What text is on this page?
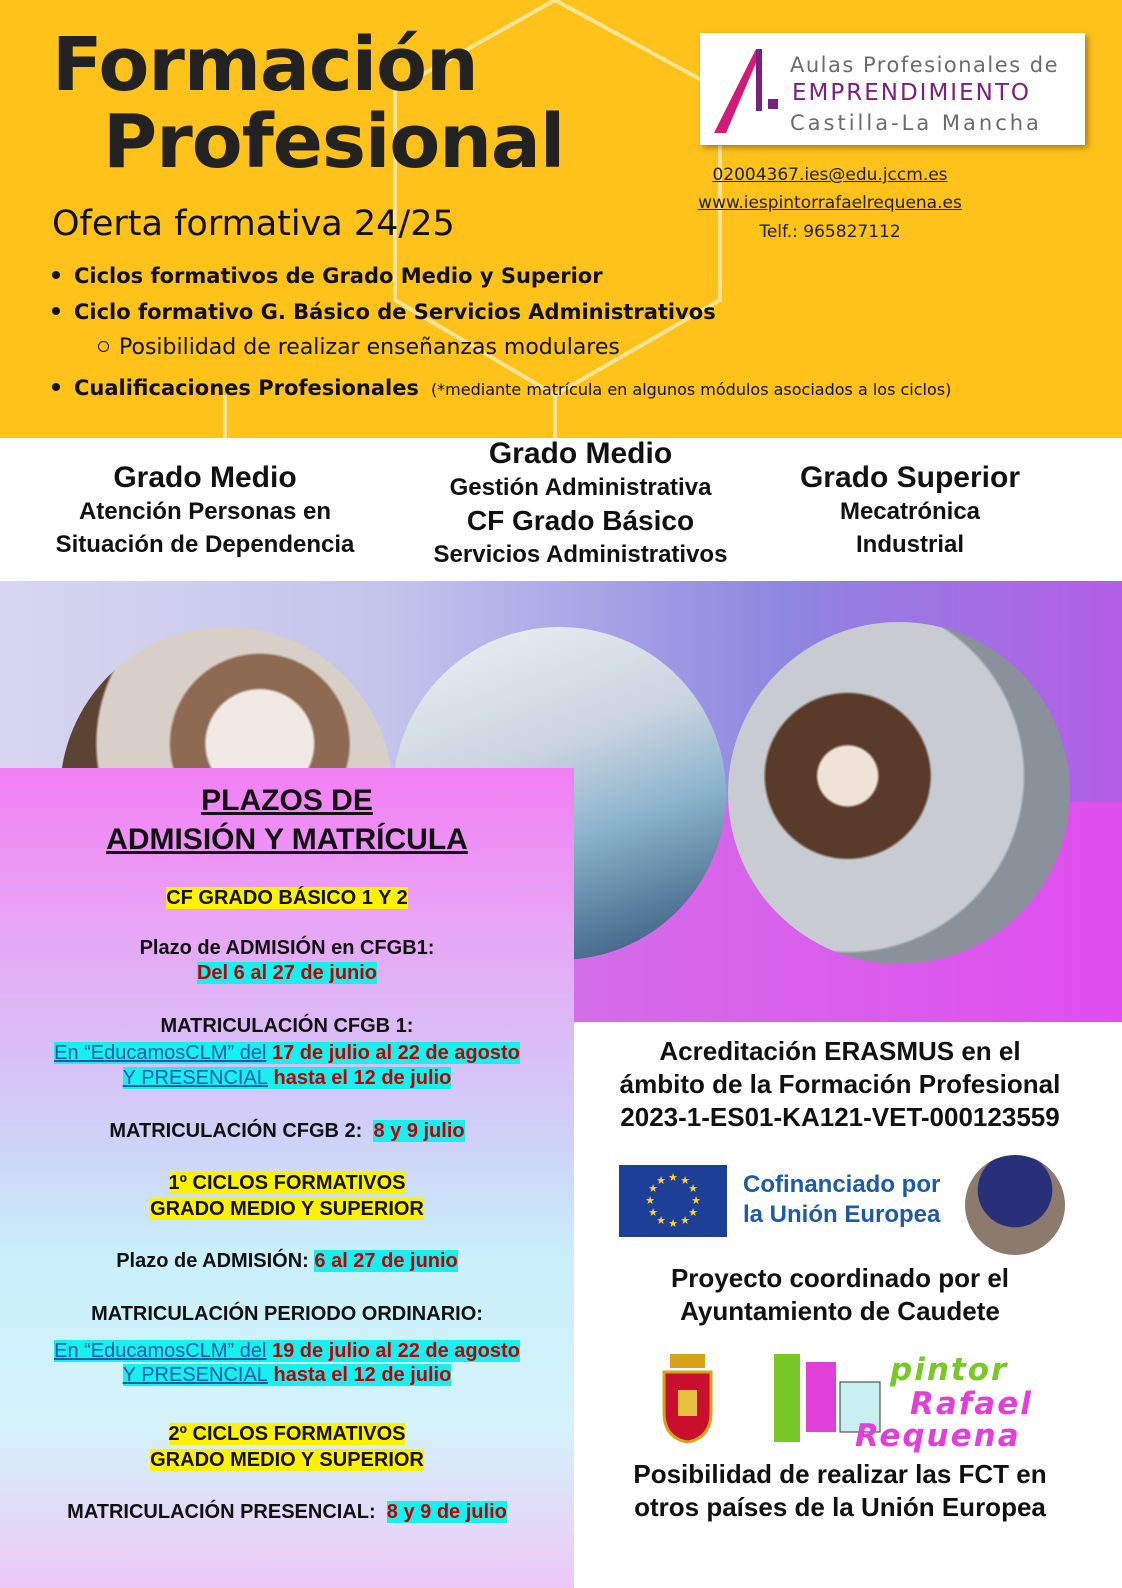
Formación
Profesional
Oferta formativa 24/25
Ciclos formativos de Grado Medio y Superior
Ciclo formativo G. Básico de Servicios Administrativos
Posibilidad de realizar enseñanzas modulares
Cualificaciones Profesionales (*mediante matrícula en algunos módulos asociados a los ciclos)
Aulas Profesionales de
EMPRENDIMIENTO
Castilla-La Mancha
02004367.ies@edu.jccm.es
www.iespintorrafaelrequena.es
Telf.: 965827112
Grado Medio
Atención Personas en
Situación de Dependencia
Grado Medio
Gestión Administrativa
CF Grado Básico
Servicios Administrativos
Grado Superior
Mecatrónica
Industrial
PLAZOS DE
ADMISIÓN Y MATRÍCULA
CF GRADO BÁSICO 1 Y 2
Plazo de ADMISIÓN en CFGB1:
Del 6 al 27 de junio
MATRICULACIÓN CFGB 1:
En “EducamosCLM” del 17 de julio al 22 de agosto
Y PRESENCIAL hasta el 12 de julio
MATRICULACIÓN CFGB 2: 8 y 9 julio
1º CICLOS FORMATIVOS
GRADO MEDIO Y SUPERIOR
Plazo de ADMISIÓN: 6 al 27 de junio
MATRICULACIÓN PERIODO ORDINARIO:
En “EducamosCLM” del 19 de julio al 22 de agosto
Y PRESENCIAL hasta el 12 de julio
2º CICLOS FORMATIVOS
GRADO MEDIO Y SUPERIOR
MATRICULACIÓN PRESENCIAL: 8 y 9 de julio
Acreditación ERASMUS en el
ámbito de la Formación Profesional
2023-1-ES01-KA121-VET-000123559
★ ★
★
★
★
★
★
★
★
★
★
★	Cofinanciado por
la Unión Europea
Proyecto coordinado por el
Ayuntamiento de Caudete
pintor
Rafael
Requena
Posibilidad de realizar las FCT en
otros países de la Unión Europea
